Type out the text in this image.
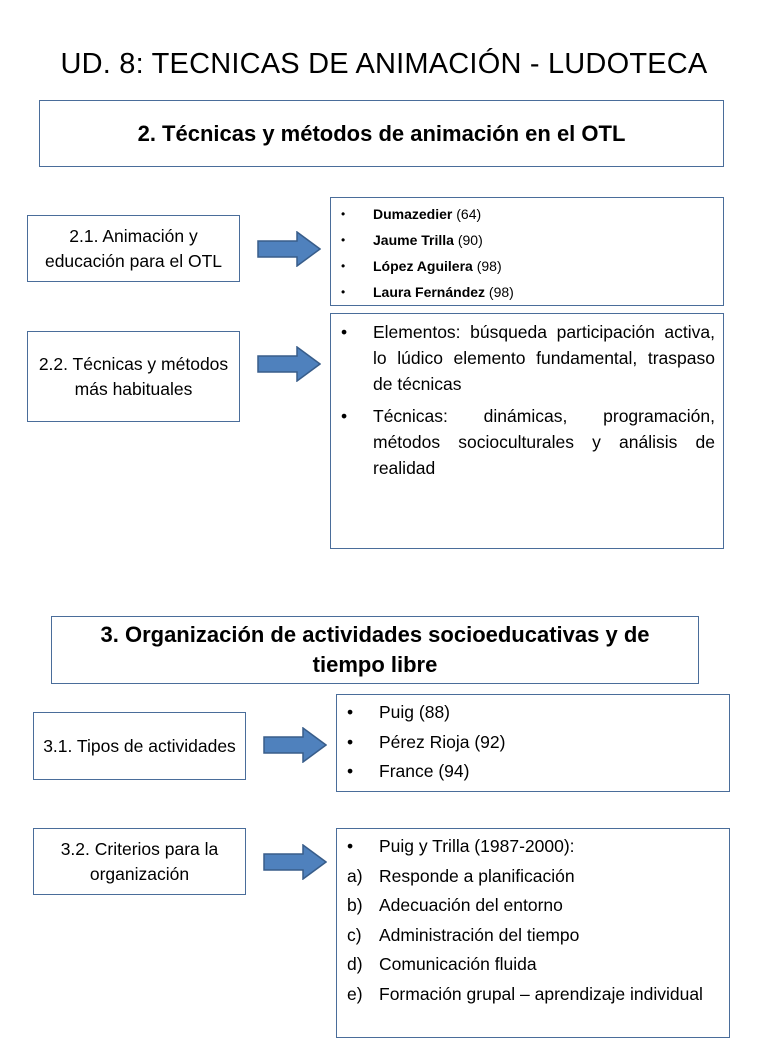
UD. 8: TECNICAS DE ANIMACIÓN - LUDOTECA
2. Técnicas y métodos de animación en el OTL
2.1. Animación y educación para el OTL
• Dumazedier (64)
• Jaume Trilla (90)
• López Aguilera (98)
• Laura Fernández (98)
2.2. Técnicas y métodos más habituales
• Elementos: búsqueda participación activa, lo lúdico elemento fundamental, traspaso de técnicas
• Técnicas: dinámicas, programación, métodos socioculturales y análisis de realidad
3. Organización de actividades socioeducativas y de tiempo libre
3.1. Tipos de actividades
• Puig (88)
• Pérez Rioja (92)
• France (94)
3.2. Criterios para la organización
• Puig y Trilla (1987-2000):
a) Responde a planificación
b) Adecuación del entorno
c) Administración del tiempo
d) Comunicación fluida
e) Formación grupal – aprendizaje individual
